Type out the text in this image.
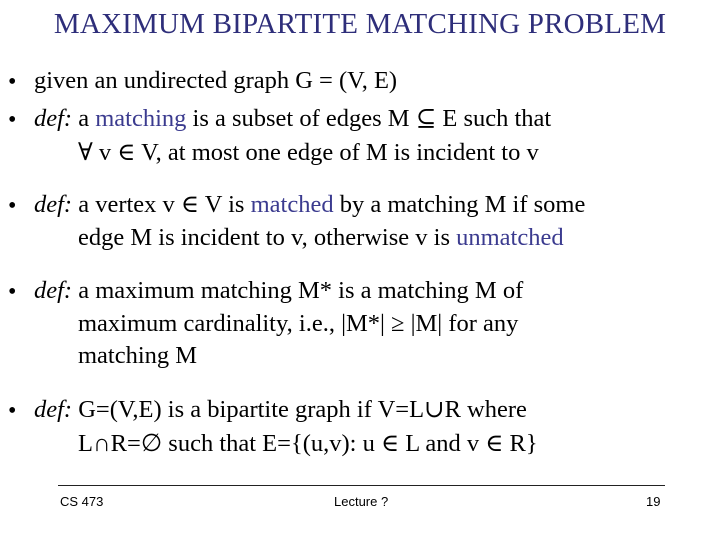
MAXIMUM BIPARTITE MATCHING PROBLEM
• given an undirected graph G = (V, E)
• def: a matching is a subset of edges M ⊆ E such that
∀ v ∈ V, at most one edge of M is incident to v
• def: a vertex v ∈ V is matched by a matching M if some
edge M is incident to v, otherwise v is unmatched
• def: a maximum matching M* is a matching M of
maximum cardinality, i.e., |M*| ≥ |M| for any
matching M
• def: G=(V,E) is a bipartite graph if V=L∪R where
L∩R=∅ such that E={(u,v): u ∈ L and v ∈ R}
CS 473	Lecture ?	19
